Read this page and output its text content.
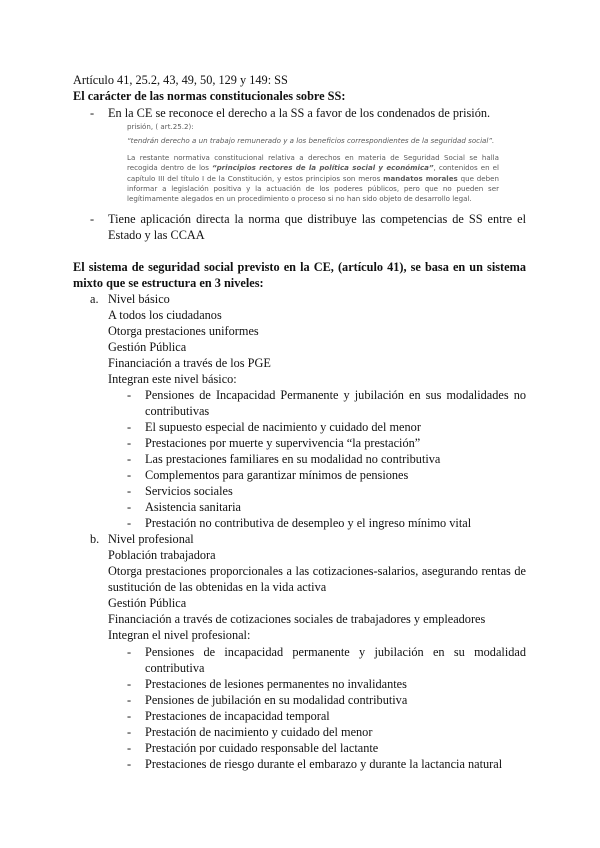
Artículo 41, 25.2, 43, 49, 50, 129 y 149: SS
El carácter de las normas constitucionales sobre SS:
- En la CE se reconoce el derecho a la SS a favor de los condenados de prisión.
prisión, ( art.25.2):
“tendrán derecho a un trabajo remunerado y a los beneficios correspondientes de la seguridad social”.
La restante normativa constitucional relativa a derechos en materia de Seguridad Social se halla recogida dentro de los “principios rectores de la política social y económica”, contenidos en el capítulo III del título I de la Constitución, y estos principios son meros mandatos morales que deben informar a legislación positiva y la actuación de los poderes públicos, pero que no pueden ser legítimamente alegados en un procedimiento o proceso si no han sido objeto de desarrollo legal.
- Tiene aplicación directa la norma que distribuye las competencias de SS entre el
Estado y las CCAA
El sistema de seguridad social previsto en la CE, (artículo 41), se basa en un sistema
mixto que se estructura en 3 niveles:
a. Nivel básico
A todos los ciudadanos
Otorga prestaciones uniformes
Gestión Pública
Financiación a través de los PGE
Integran este nivel básico:
- Pensiones de Incapacidad Permanente y jubilación en sus modalidades no
contributivas
- El supuesto especial de nacimiento y cuidado del menor
- Prestaciones por muerte y supervivencia “la prestación”
- Las prestaciones familiares en su modalidad no contributiva
- Complementos para garantizar mínimos de pensiones
- Servicios sociales
- Asistencia sanitaria
- Prestación no contributiva de desempleo y el ingreso mínimo vital
b. Nivel profesional
Población trabajadora
Otorga prestaciones proporcionales a las cotizaciones-salarios, asegurando rentas de
sustitución de las obtenidas en la vida activa
Gestión Pública
Financiación a través de cotizaciones sociales de trabajadores y empleadores
Integran el nivel profesional:
- Pensiones de incapacidad permanente y jubilación en su modalidad
contributiva
- Prestaciones de lesiones permanentes no invalidantes
- Pensiones de jubilación en su modalidad contributiva
- Prestaciones de incapacidad temporal
- Prestación de nacimiento y cuidado del menor
- Prestación por cuidado responsable del lactante
- Prestaciones de riesgo durante el embarazo y durante la lactancia natural
